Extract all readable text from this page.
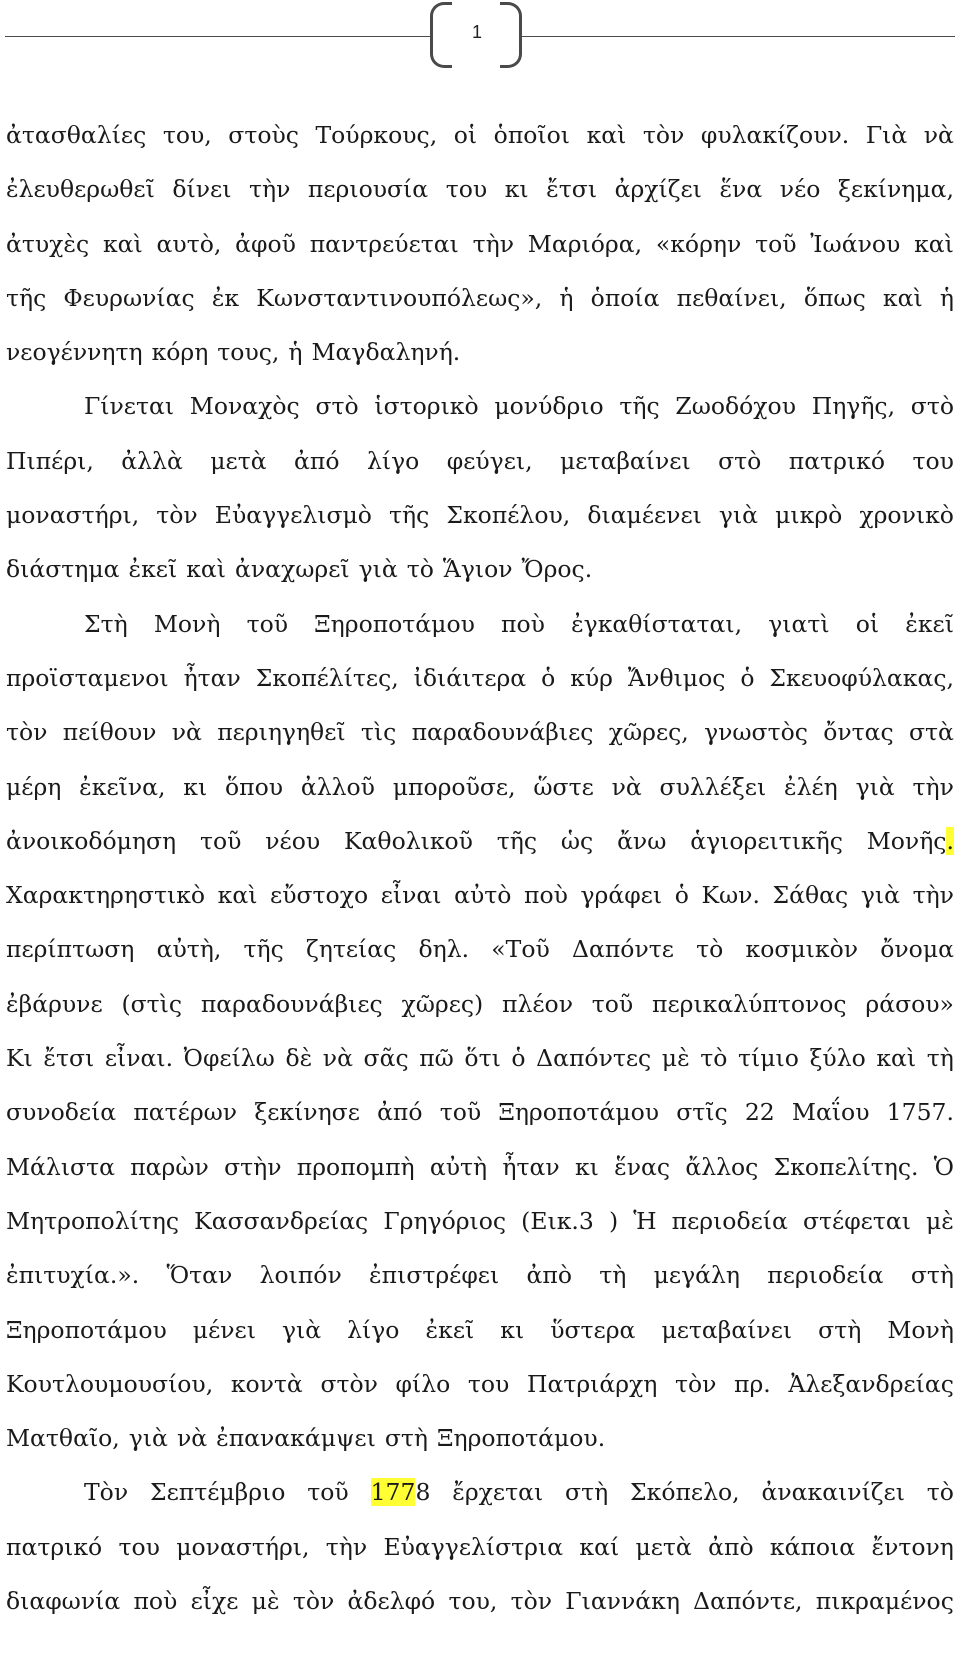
1
ἀτασθαλίες του, στοὺς Τούρκους, οἱ ὁποῖοι καὶ τὸν φυλακίζουν. Γιὰ νὰ
ἐλευθερωθεῖ δίνει τὴν περιουσία του κι ἔτσι ἀρχίζει ἕνα νέο ξεκίνημα,
ἀτυχὲς καὶ αυτὸ, ἀφοῦ παντρεύεται τὴν Μαριόρα, «κόρην τοῦ Ἰωάνου καὶ
τῆς Φευρωνίας ἐκ Κωνσταντινουπόλεως», ἡ ὁποία πεθαίνει, ὅπως καὶ ἡ
νεογέννητη κόρη τους, ἡ Μαγδαληνή.
Γίνεται Μοναχὸς στὸ ἱστορικὸ μονύδριο τῆς Ζωοδόχου Πηγῆς, στὸ
Πιπέρι, ἀλλὰ μετὰ ἀπό λίγο φεύγει, μεταβαίνει στὸ πατρικό του
μοναστήρι, τὸν Εὐαγγελισμὸ τῆς Σκοπέλου, διαμέενει γιὰ μικρὸ χρονικὸ
διάστημα ἐκεῖ καὶ ἀναχωρεῖ γιὰ τὸ Ἅγιον Ὄρος.
Στὴ Μονὴ τοῦ Ξηροποτάμου ποὺ ἐγκαθίσταται, γιατὶ οἱ ἐκεῖ
προϊσταμενοι ἦταν Σκοπέλίτες, ἰδιάιτερα ὁ κύρ Ἄνθιμος ὁ Σκευοφύλακας,
τὸν πείθουν νὰ περιηγηθεῖ τὶς παραδουνάβιες χῶρες, γνωστὸς ὄντας στὰ
μέρη ἐκεῖνα, κι ὅπου ἀλλοῦ μποροῦσε, ὥστε νὰ συλλέξει ἐλέη γιὰ τὴν
ἀνοικοδόμηση τοῦ νέου Καθολικοῦ τῆς ὡς ἄνω ἁγιορειτικῆς Μονῆς.
Χαρακτηρηστικὸ καὶ εὔστοχο εἶναι αὐτὸ ποὺ γράφει ὁ Κων. Σάθας γιὰ τὴν
περίπτωση αὐτὴ, τῆς ζητείας δηλ. «Τοῦ Δαπόντε τὸ κοσμικὸν ὄνομα
ἐβάρυνε (στὶς παραδουνάβιες χῶρες) πλέον τοῦ περικαλύπτονος ράσου»
Κι ἔτσι εἶναι. Ὀφείλω δὲ νὰ σᾶς πῶ ὅτι ὁ Δαπόντες μὲ τὸ τίμιο ξύλο καὶ τὴ
συνοδεία πατέρων ξεκίνησε ἀπό τοῦ Ξηροποτάμου στῖς 22 Μαΐου 1757.
Μάλιστα παρὼν στὴν προπομπὴ αὐτὴ ἦταν κι ἕνας ἄλλος Σκοπελίτης. Ὁ
Μητροπολίτης Κασσανδρείας Γρηγόριος (Εικ.3 ) Ἡ περιοδεία στέφεται μὲ
ἐπιτυχία.». Ὅταν λοιπόν ἐπιστρέφει ἀπὸ τὴ μεγάλη περιοδεία στὴ
Ξηροποτάμου μένει γιὰ λίγο ἐκεῖ κι ὕστερα μεταβαίνει στὴ Μονὴ
Κουτλουμουσίου, κοντὰ στὸν φίλο του Πατριάρχη τὸν πρ. Ἀλεξανδρείας
Ματθαῖο, γιὰ νὰ ἐπανακάμψει στὴ Ξηροποτάμου.
Τὸν Σεπτέμβριο τοῦ 1778 ἔρχεται στὴ Σκόπελο, ἀνακαινίζει τὸ
πατρικό του μοναστήρι, τὴν Εὐαγγελίστρια καί μετὰ ἀπὸ κάποια ἔντονη
διαφωνία ποὺ εἶχε μὲ τὸν ἀδελφό του, τὸν Γιαννάκη Δαπόντε, πικραμένος
